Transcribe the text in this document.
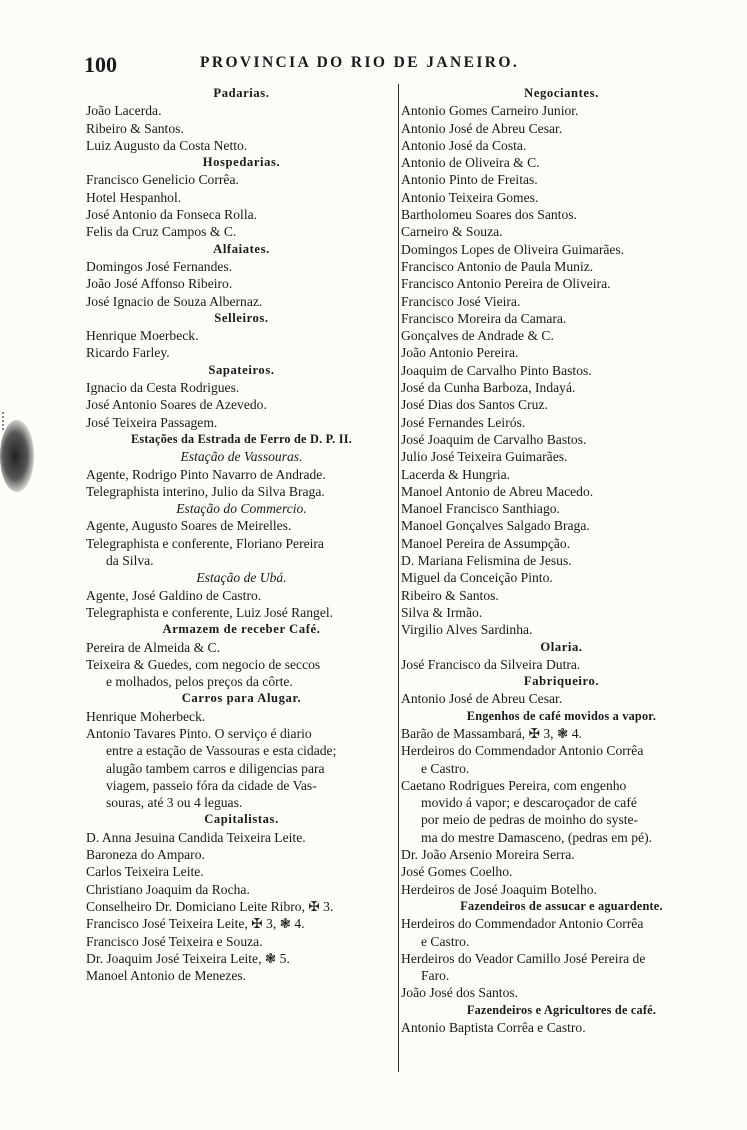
100	PROVINCIA DO RIO DE JANEIRO.
Padarias.
João Lacerda.
Ribeiro & Santos.
Luiz Augusto da Costa Netto.
Hospedarias.
Francisco Genelicio Corrêa.
Hotel Hespanhol.
José Antonio da Fonseca Rolla.
Felis da Cruz Campos & C.
Alfaiates.
Domingos José Fernandes.
João José Affonso Ribeiro.
José Ignacio de Souza Albernaz.
Selleiros.
Henrique Moerbeck.
Ricardo Farley.
Sapateiros.
Ignacio da Cesta Rodrigues.
José Antonio Soares de Azevedo.
José Teixeira Passagem.
Estações da Estrada de Ferro de D. P. II.
Estação de Vassouras.
Agente, Rodrigo Pinto Navarro de Andrade.
Telegraphista interino, Julio da Silva Braga.
Estação do Commercio.
Agente, Augusto Soares de Meirelles.
Telegraphista e conferente, Floriano Pereira
da Silva.
Estação de Ubá.
Agente, José Galdino de Castro.
Telegraphista e conferente, Luiz José Rangel.
Armazem de receber Café.
Pereira de Almeida & C.
Teixeira & Guedes, com negocio de seccos
e molhados, pelos preços da côrte.
Carros para Alugar.
Henrique Moherbeck.
Antonio Tavares Pinto. O serviço é diario
entre a estação de Vassouras e esta cidade;
alugão tambem carros e diligencias para
viagem, passeio fóra da cidade de Vas-
souras, até 3 ou 4 leguas.
Capitalistas.
D. Anna Jesuina Candida Teixeira Leite.
Baroneza do Amparo.
Carlos Teixeira Leite.
Christiano Joaquim da Rocha.
Conselheiro Dr. Domiciano Leite Ribro, ✠ 3.
Francisco José Teixeira Leite, ✠ 3, ❃ 4.
Francisco José Teixeira e Souza.
Dr. Joaquim José Teixeira Leite, ❃ 5.
Manoel Antonio de Menezes.
Negociantes.
Antonio Gomes Carneiro Junior.
Antonio José de Abreu Cesar.
Antonio José da Costa.
Antonio de Oliveira & C.
Antonio Pinto de Freitas.
Antonio Teixeira Gomes.
Bartholomeu Soares dos Santos.
Carneiro & Souza.
Domingos Lopes de Oliveira Guimarães.
Francisco Antonio de Paula Muniz.
Francisco Antonio Pereira de Oliveira.
Francisco José Vieira.
Francisco Moreira da Camara.
Gonçalves de Andrade & C.
João Antonio Pereira.
Joaquim de Carvalho Pinto Bastos.
José da Cunha Barboza, Indayá.
José Dias dos Santos Cruz.
José Fernandes Leirós.
José Joaquim de Carvalho Bastos.
Julio José Teixeira Guimarães.
Lacerda & Hungria.
Manoel Antonio de Abreu Macedo.
Manoel Francisco Santhiago.
Manoel Gonçalves Salgado Braga.
Manoel Pereira de Assumpção.
D. Mariana Felismina de Jesus.
Miguel da Conceição Pinto.
Ribeiro & Santos.
Silva & Irmão.
Virgilio Alves Sardinha.
Olaria.
José Francisco da Silveira Dutra.
Fabriqueiro.
Antonio José de Abreu Cesar.
Engenhos de café movidos a vapor.
Barão de Massambará, ✠ 3, ❃ 4.
Herdeiros do Commendador Antonio Corrêa
e Castro.
Caetano Rodrigues Pereira, com engenho
movido á vapor; e descaroçador de café
por meio de pedras de moinho do syste-
ma do mestre Damasceno, (pedras em pé).
Dr. João Arsenio Moreira Serra.
José Gomes Coelho.
Herdeiros de José Joaquim Botelho.
Fazendeiros de assucar e aguardente.
Herdeiros do Commendador Antonio Corrêa
e Castro.
Herdeiros do Veador Camillo José Pereira de
Faro.
João José dos Santos.
Fazendeiros e Agricultores de café.
Antonio Baptista Corrêa e Castro.
